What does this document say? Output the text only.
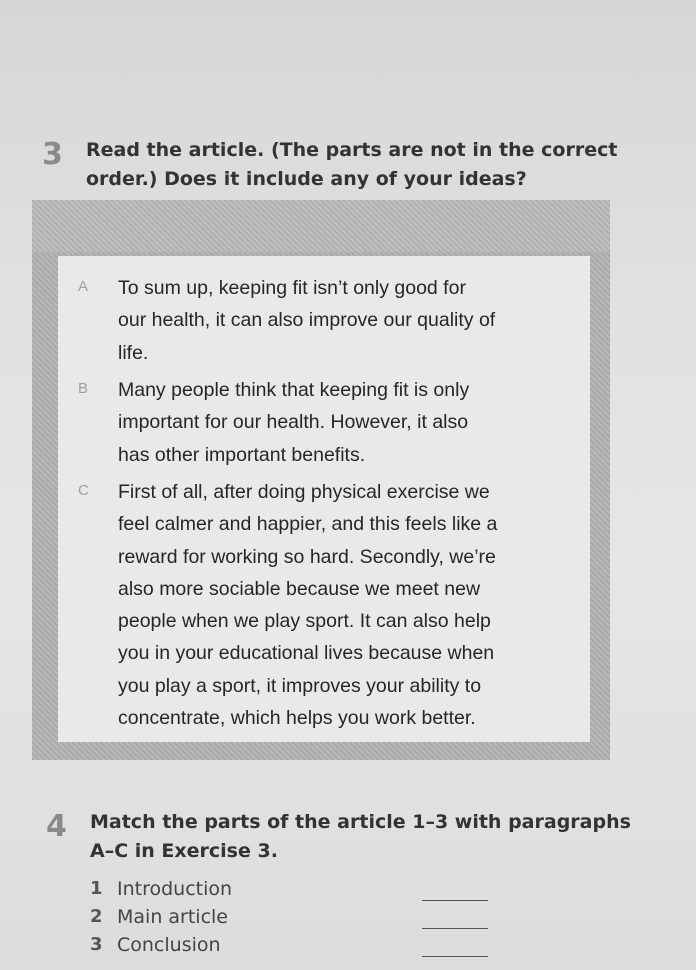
3 Read the article. (The parts are not in the correct
order.) Does it include any of your ideas?
A To sum up, keeping fit isn’t only good for
our health, it can also improve our quality of
life.
B Many people think that keeping fit is only
important for our health. However, it also
has other important benefits.
C First of all, after doing physical exercise we
feel calmer and happier, and this feels like a
reward for working so hard. Secondly, we’re
also more sociable because we meet new
people when we play sport. It can also help
you in your educational lives because when
you play a sport, it improves your ability to
concentrate, which helps you work better.
4 Match the parts of the article 1–3 with paragraphs
A–C in Exercise 3.
1 Introduction
2 Main article
3 Conclusion
